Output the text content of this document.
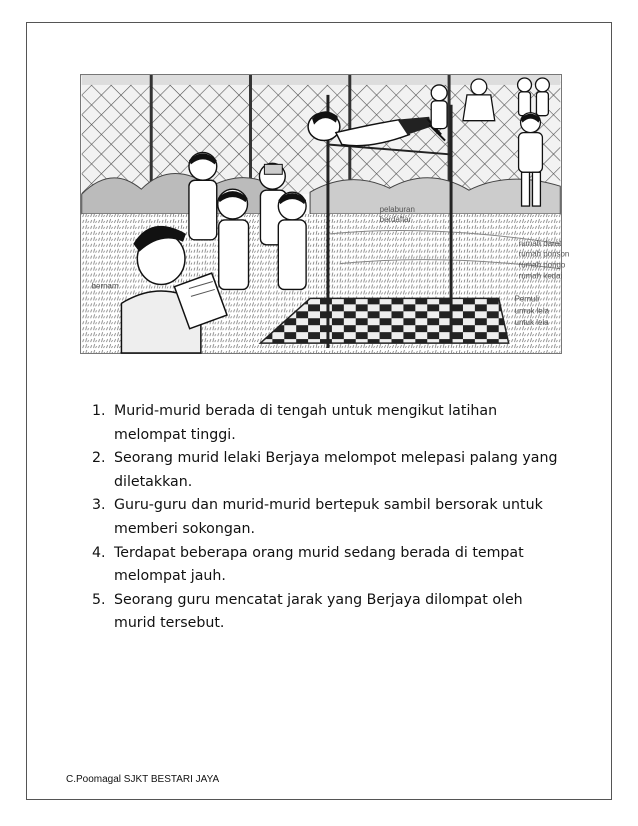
rumah darat
rumah ponson
rumah pongo
rumah kedai
pelaburan
berdaftar
Pemuli
unruk lela
untuk lela
bernam
1. Murid-murid berada di tengah untuk mengikut latihan melompat tinggi.
2. Seorang murid lelaki Berjaya melompot melepasi palang yang diletakkan.
3. Guru-guru dan murid-murid bertepuk sambil bersorak untuk memberi sokongan.
4. Terdapat beberapa orang murid sedang berada di tempat melompat jauh.
5. Seorang guru mencatat jarak yang Berjaya dilompat oleh murid tersebut.
C.Poomagal SJKT BESTARI JAYA
